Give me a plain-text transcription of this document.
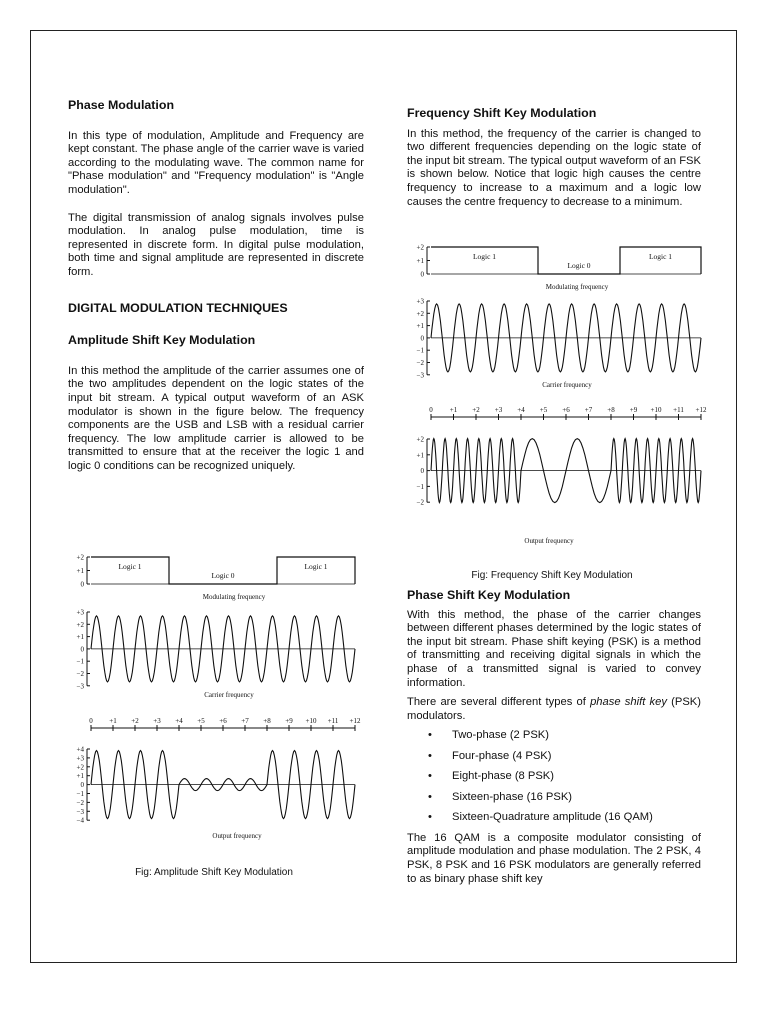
Phase Modulation

In this type of modulation, Amplitude and Frequency are kept constant. The phase angle of the carrier wave is varied according to the modulating wave. The common name for "Phase modulation" and "Frequency modulation" is "Angle modulation".

The digital transmission of analog signals involves pulse modulation. In analog pulse modulation, time is represented in discrete form. In digital pulse modulation, both time and signal amplitude are represented in discrete form.

DIGITAL MODULATION TECHNIQUES

Amplitude Shift Key Modulation

In this method the amplitude of the carrier assumes one of the two amplitudes dependent on the logic states of the input bit stream. A typical output waveform of an ASK modulator is shown in the figure below. The frequency components are the USB and LSB with a residual carrier frequency. The low amplitude carrier is allowed to be transmitted to ensure that at the receiver the logic 1 and logic 0 conditions can be recognized uniquely.

+2
+1
0
Logic 1
Logic 0
Logic 1
Modulating frequency
+3
+2
+1
0
−1
−2
−3
Carrier frequency
0 +1 +2 +3 +4 +5 +6 +7 +8 +9 +10 +11 +12
+4
+3
+2
+1
0
−1
−2
−3
−4
Output frequency
Fig: Amplitude Shift Key Modulation

Frequency Shift Key Modulation

In this method, the frequency of the carrier is changed to two different frequencies depending on the logic state of the input bit stream. The typical output waveform of an FSK is shown below. Notice that logic high causes the centre frequency to increase to a maximum and a logic low causes the centre frequency to decrease to a minimum.

+2
+1
0
Logic 1
Logic 0
Logic 1
Modulating frequency
+3
+2
+1
0
−1
−2
−3
Carrier frequency
0 +1 +2 +3 +4 +5 +6 +7 +8 +9 +10 +11 +12
+2
+1
0
−1
−2
Output frequency
Fig: Frequency Shift Key Modulation

Phase Shift Key Modulation

With this method, the phase of the carrier changes between different phases determined by the logic states of the input bit stream. Phase shift keying (PSK) is a method of transmitting and receiving digital signals in which the phase of a transmitted signal is varied to convey information.

There are several different types of phase shift key (PSK) modulators.

• Two-phase (2 PSK)
• Four-phase (4 PSK)
• Eight-phase (8 PSK)
• Sixteen-phase (16 PSK)
• Sixteen-Quadrature amplitude (16 QAM)

The 16 QAM is a composite modulator consisting of amplitude modulation and phase modulation. The 2 PSK, 4 PSK, 8 PSK and 16 PSK modulators are generally referred to as binary phase shift key
